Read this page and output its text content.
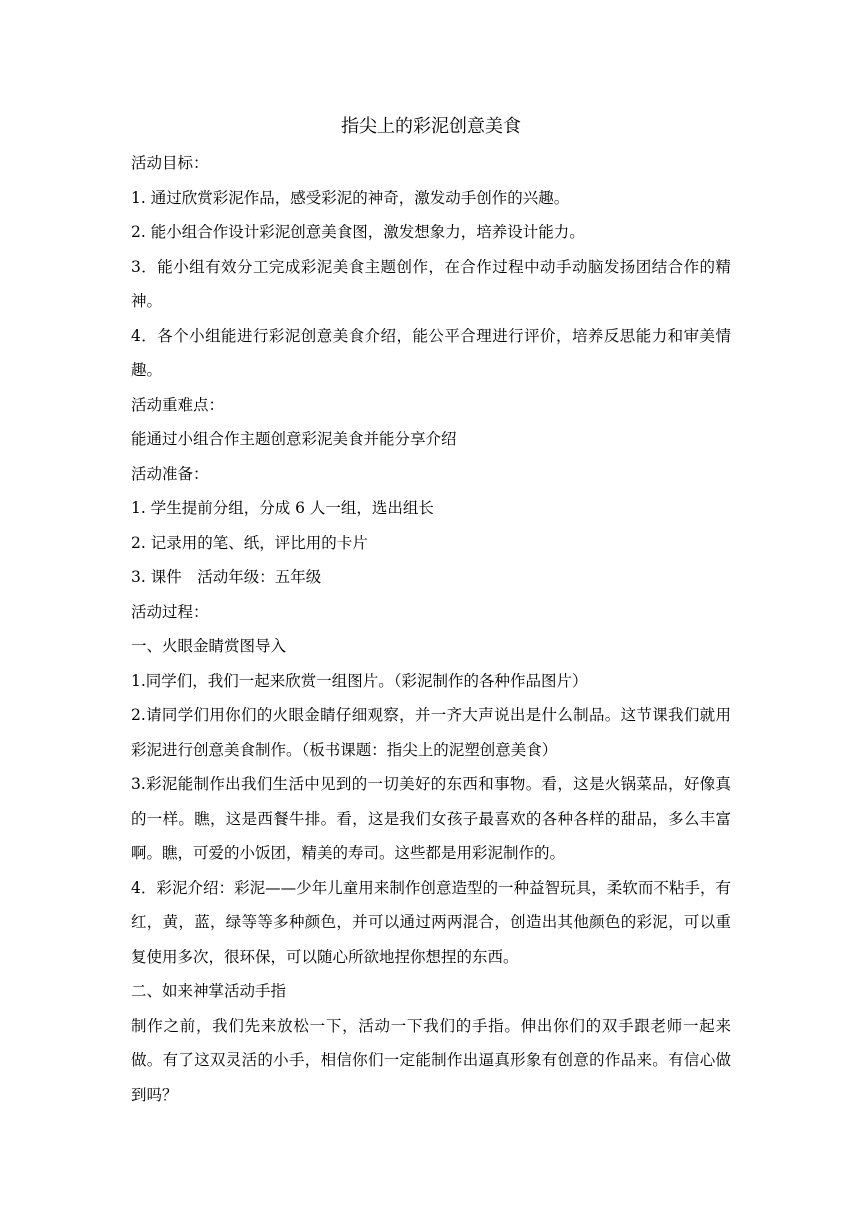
指尖上的彩泥创意美食

活动目标：

1. 通过欣赏彩泥作品，感受彩泥的神奇，激发动手创作的兴趣。

2. 能小组合作设计彩泥创意美食图，激发想象力，培养设计能力。

3．能小组有效分工完成彩泥美食主题创作，在合作过程中动手动脑发扬团结合作的精神。

4．各个小组能进行彩泥创意美食介绍，能公平合理进行评价，培养反思能力和审美情趣。

活动重难点：

能通过小组合作主题创意彩泥美食并能分享介绍

活动准备：

1. 学生提前分组，分成 6 人一组，选出组长

2. 记录用的笔、纸，评比用的卡片

3. 课件　活动年级：五年级

活动过程：

一、火眼金睛赏图导入

1.同学们，我们一起来欣赏一组图片。（彩泥制作的各种作品图片）

2.请同学们用你们的火眼金睛仔细观察，并一齐大声说出是什么制品。这节课我们就用彩泥进行创意美食制作。（板书课题：指尖上的泥塑创意美食）

3.彩泥能制作出我们生活中见到的一切美好的东西和事物。看，这是火锅菜品，好像真的一样。瞧，这是西餐牛排。看，这是我们女孩子最喜欢的各种各样的甜品，多么丰富啊。瞧，可爱的小饭团，精美的寿司。这些都是用彩泥制作的。

4．彩泥介绍：彩泥——少年儿童用来制作创意造型的一种益智玩具，柔软而不粘手，有红，黄，蓝，绿等等多种颜色，并可以通过两两混合，创造出其他颜色的彩泥，可以重复使用多次，很环保，可以随心所欲地捏你想捏的东西。

二、如来神掌活动手指

制作之前，我们先来放松一下，活动一下我们的手指。伸出你们的双手跟老师一起来做。有了这双灵活的小手，相信你们一定能制作出逼真形象有创意的作品来。有信心做到吗？
